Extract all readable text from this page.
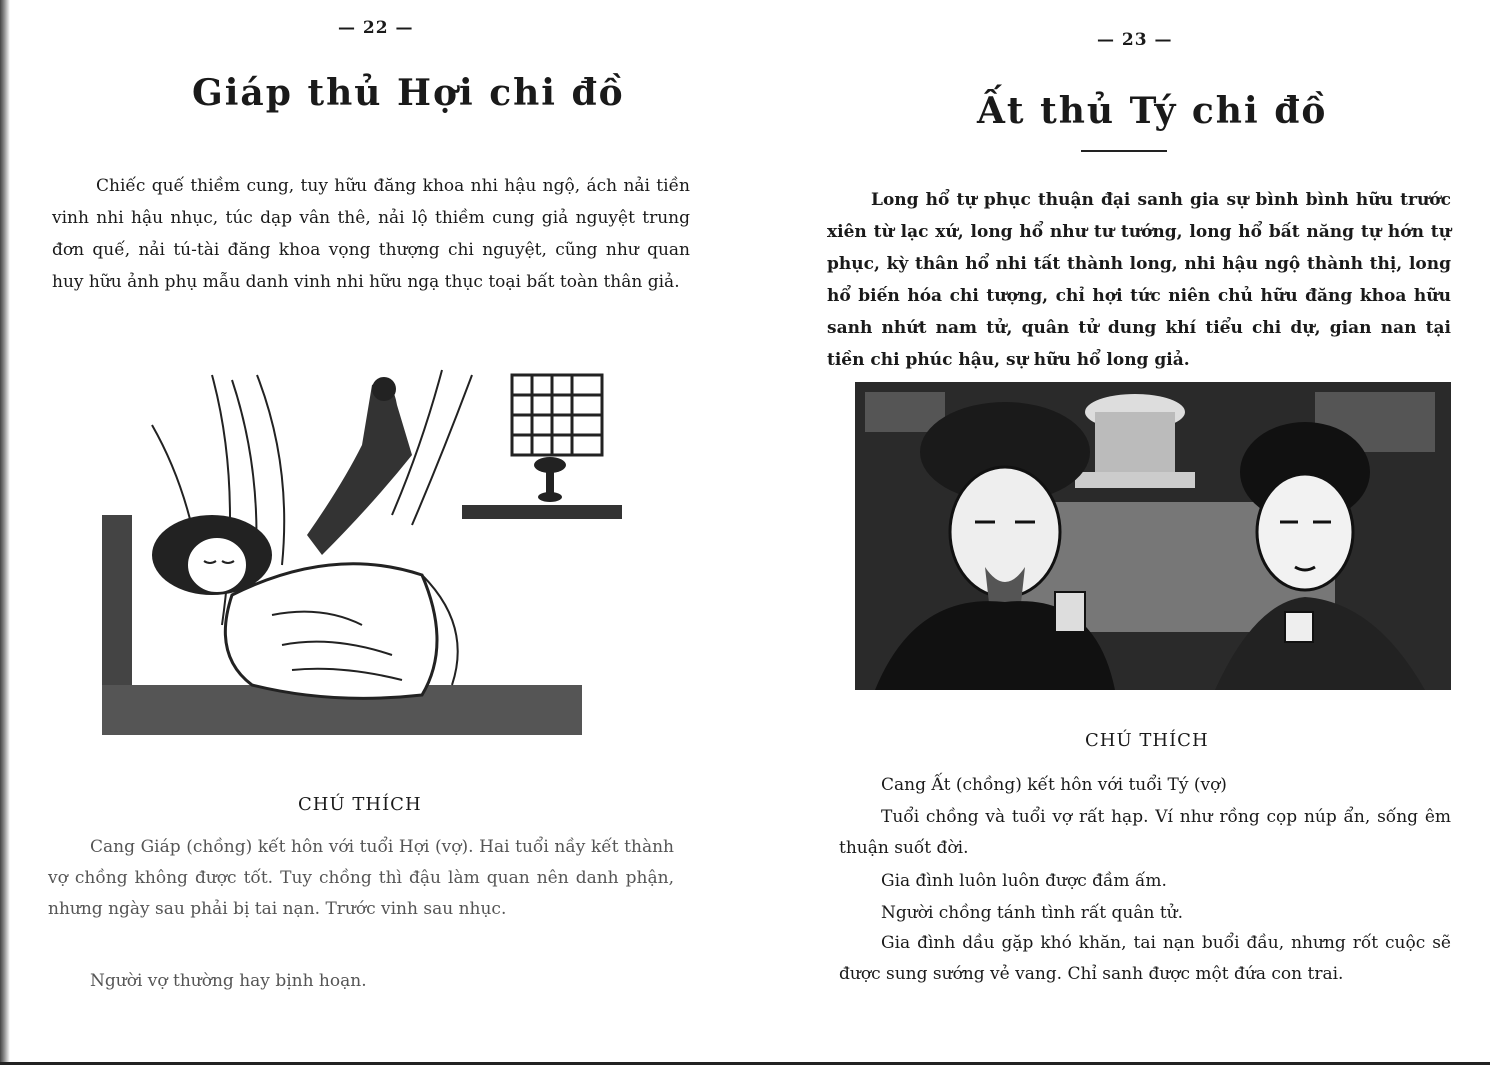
— 22 —
Giáp thủ Hợi chi đồ
Chiếc quế thiềm cung, tuy hữu đăng khoa nhi hậu ngộ, ách nải tiền vinh nhi hậu nhục, túc dạp vân thê, nải lộ thiềm cung giả nguyệt trung đơn quế, nải tú-tài đăng khoa vọng thượng chi nguyệt, cũng như quan huy hữu ảnh phụ mẫu danh vinh nhi hữu ngạ thục toại bất toàn thân giả.
CHÚ THÍCH
Cang Giáp (chồng) kết hôn với tuổi Hợi (vợ). Hai tuổi nầy kết thành vợ chồng không được tốt. Tuy chồng thì đậu làm quan nên danh phận, nhưng ngày sau phải bị tai nạn. Trước vinh sau nhục.
Người vợ thường hay bịnh hoạn.
— 23 —
Ất thủ Tý chi đồ
Long hổ tự phục thuận đại sanh gia sự bình bình hữu trước xiên từ lạc xứ, long hổ như tư tướng, long hổ bất năng tự hớn tự phục, kỳ thân hổ nhi tất thành long, nhi hậu ngộ thành thị, long hổ biến hóa chi tượng, chỉ hợi tức niên chủ hữu đăng khoa hữu sanh nhứt nam tử, quân tử dung khí tiểu chi dự, gian nan tại tiền chi phúc hậu, sự hữu hổ long giả.
CHÚ THÍCH
Cang Ất (chồng) kết hôn với tuổi Tý (vợ)
Tuổi chồng và tuổi vợ rất hạp. Ví như rồng cọp núp ẩn, sống êm thuận suốt đời.
Gia đình luôn luôn được đầm ấm.
Người chồng tánh tình rất quân tử.
Gia đình dầu gặp khó khăn, tai nạn buổi đầu, nhưng rốt cuộc sẽ được sung sướng vẻ vang. Chỉ sanh được một đứa con trai.
